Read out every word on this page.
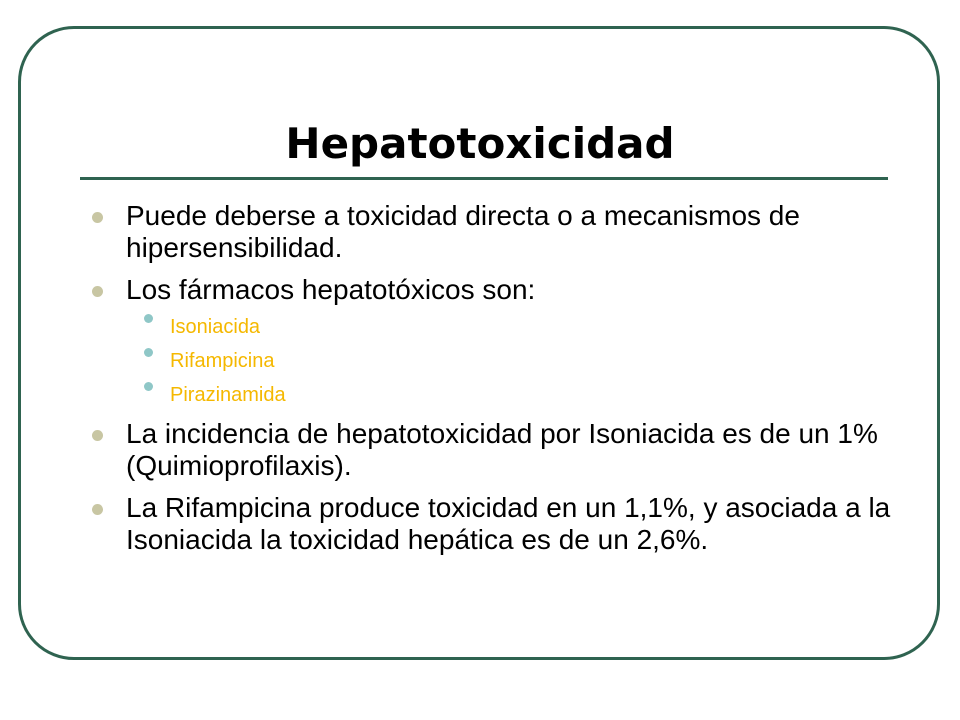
Hepatotoxicidad
Puede deberse a toxicidad directa o a mecanismos de hipersensibilidad.
Los fármacos hepatotóxicos son:
Isoniacida
Rifampicina
Pirazinamida
La incidencia de hepatotoxicidad por Isoniacida es de un 1% (Quimioprofilaxis).
La Rifampicina produce toxicidad en un 1,1%, y asociada a la Isoniacida la toxicidad hepática es de un 2,6%.
